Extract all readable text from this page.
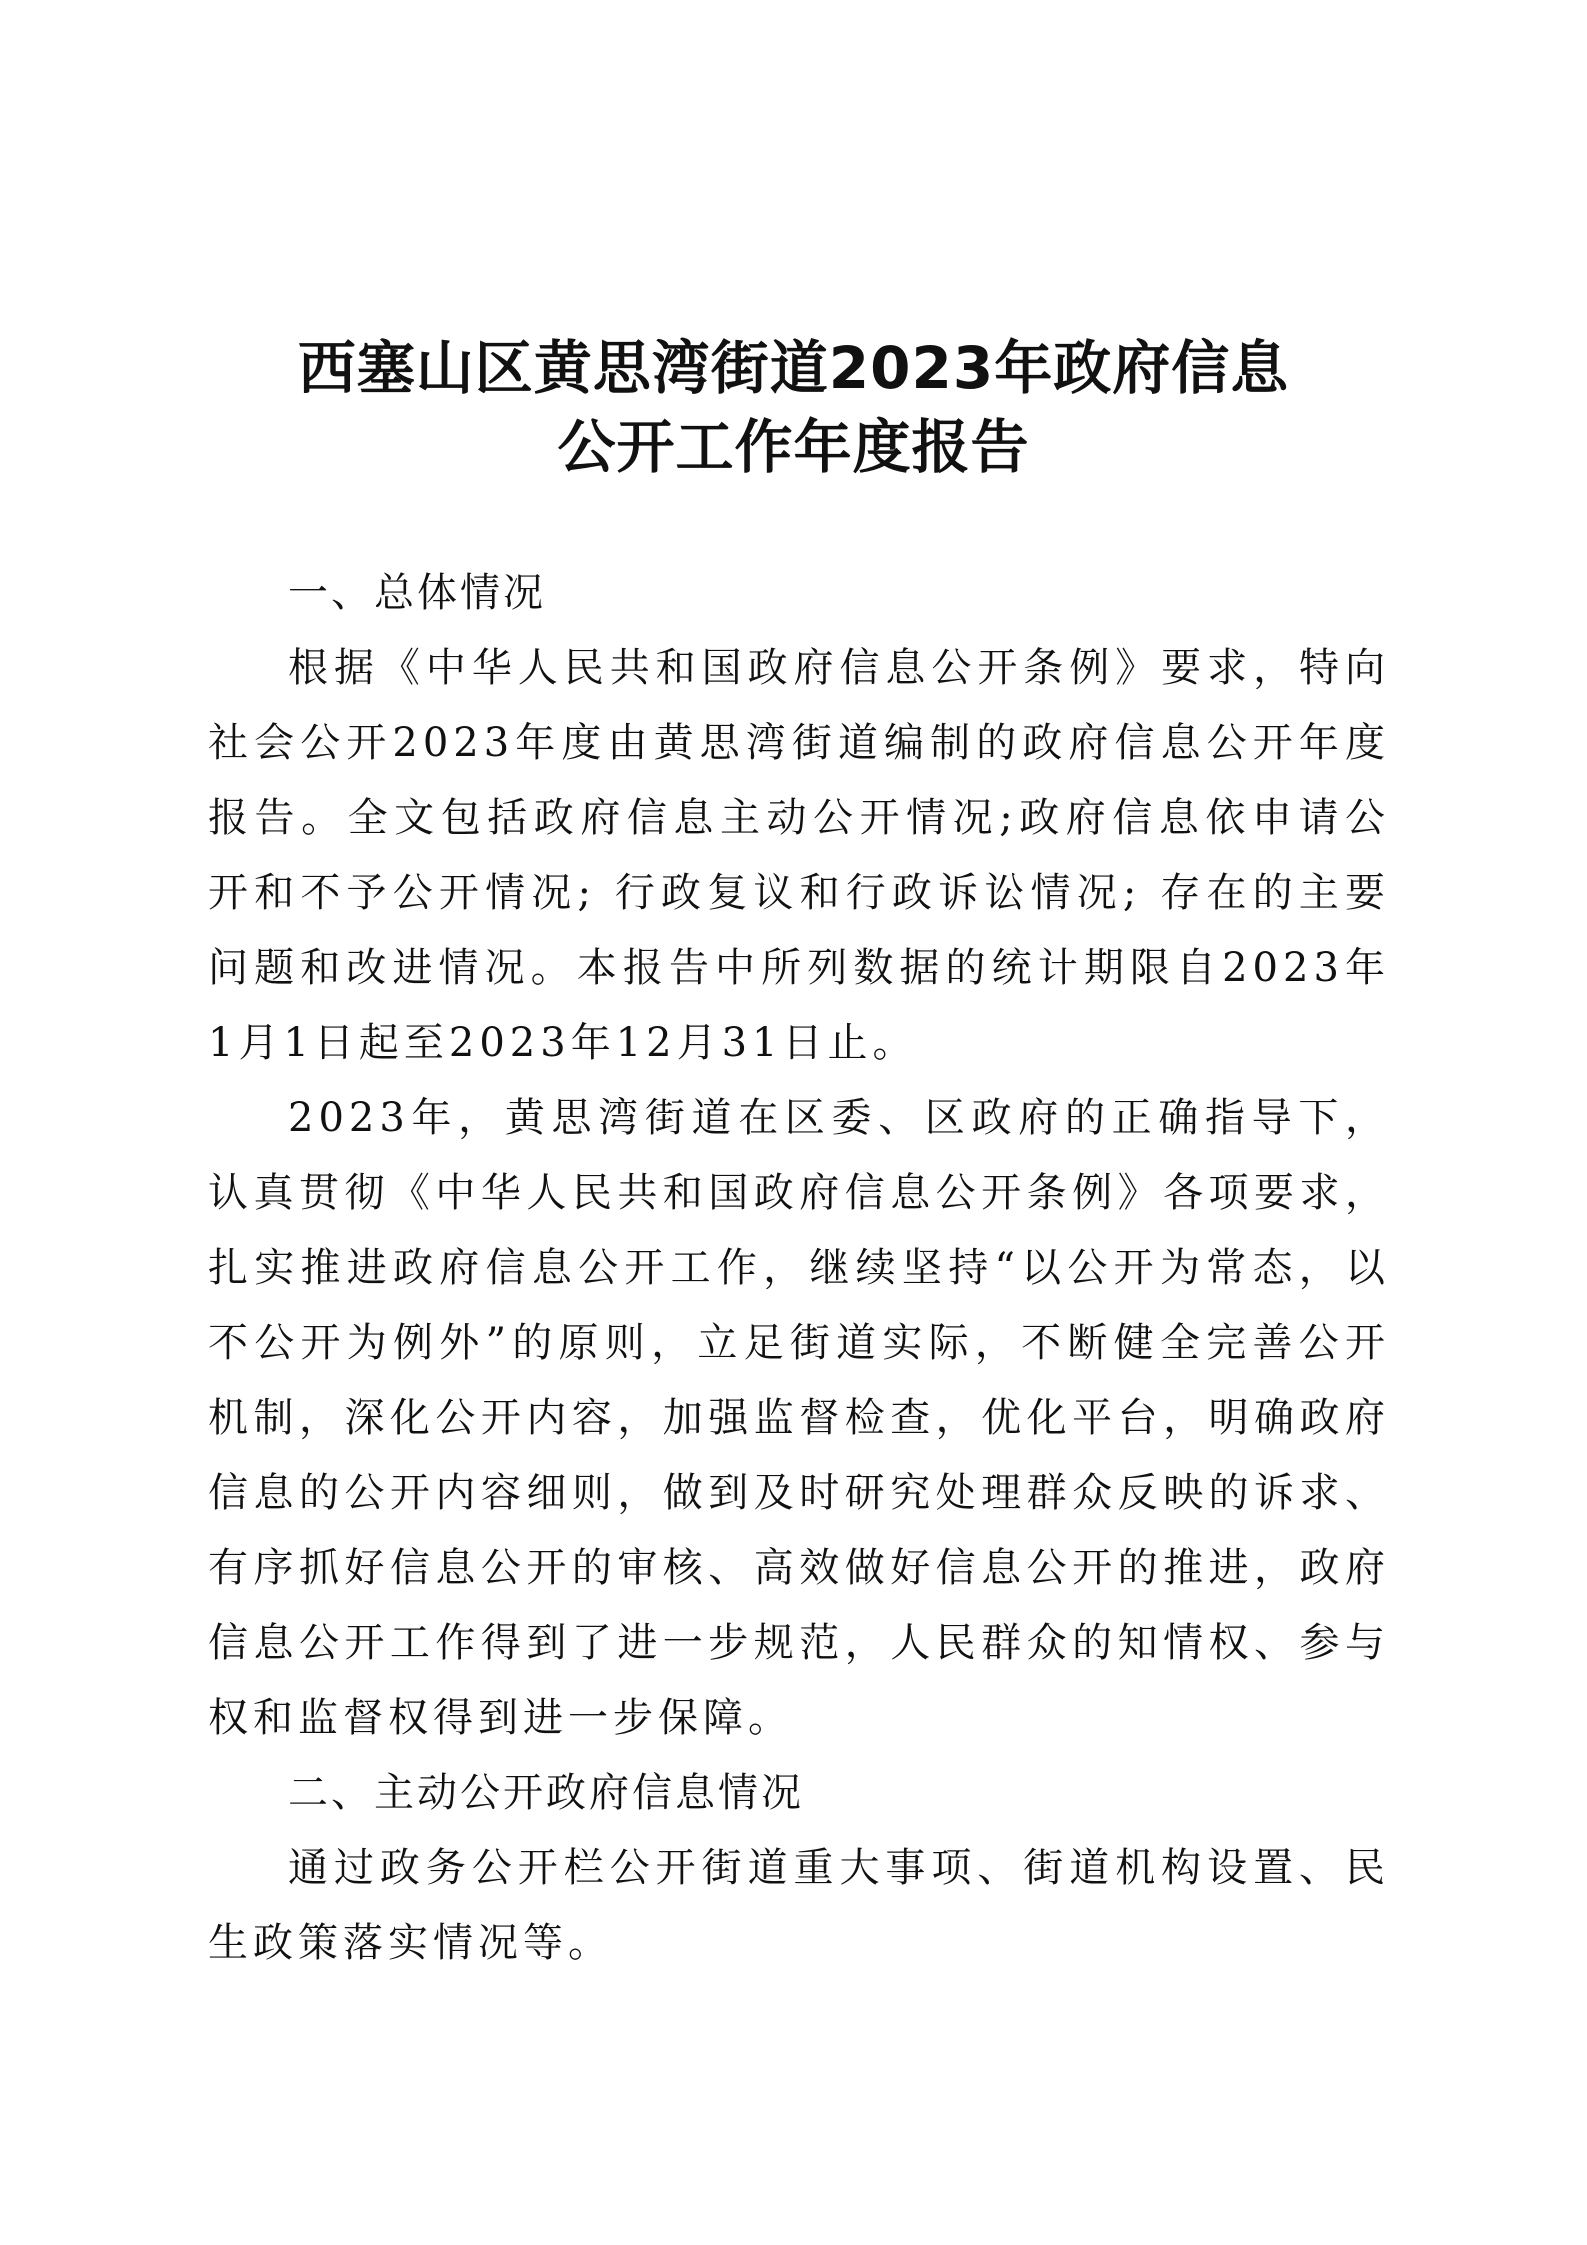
西塞山区黄思湾街道2023年政府信息
公开工作年度报告
一、总体情况

根据《中华人民共和国政府信息公开条例》要求，特向社会公开2023年度由黄思湾街道编制的政府信息公开年度报告。全文包括政府信息主动公开情况;政府信息依申请公开和不予公开情况; 行政复议和行政诉讼情况; 存在的主要问题和改进情况。本报告中所列数据的统计期限自2023年1月1日起至2023年12月31日止。

2023年，黄思湾街道在区委、区政府的正确指导下，认真贯彻《中华人民共和国政府信息公开条例》各项要求，扎实推进政府信息公开工作，继续坚持“以公开为常态，以不公开为例外”的原则，立足街道实际，不断健全完善公开机制，深化公开内容，加强监督检查，优化平台，明确政府信息的公开内容细则，做到及时研究处理群众反映的诉求、有序抓好信息公开的审核、高效做好信息公开的推进，政府信息公开工作得到了进一步规范，人民群众的知情权、参与权和监督权得到进一步保障。

二、主动公开政府信息情况

通过政务公开栏公开街道重大事项、街道机构设置、民生政策落实情况等。
